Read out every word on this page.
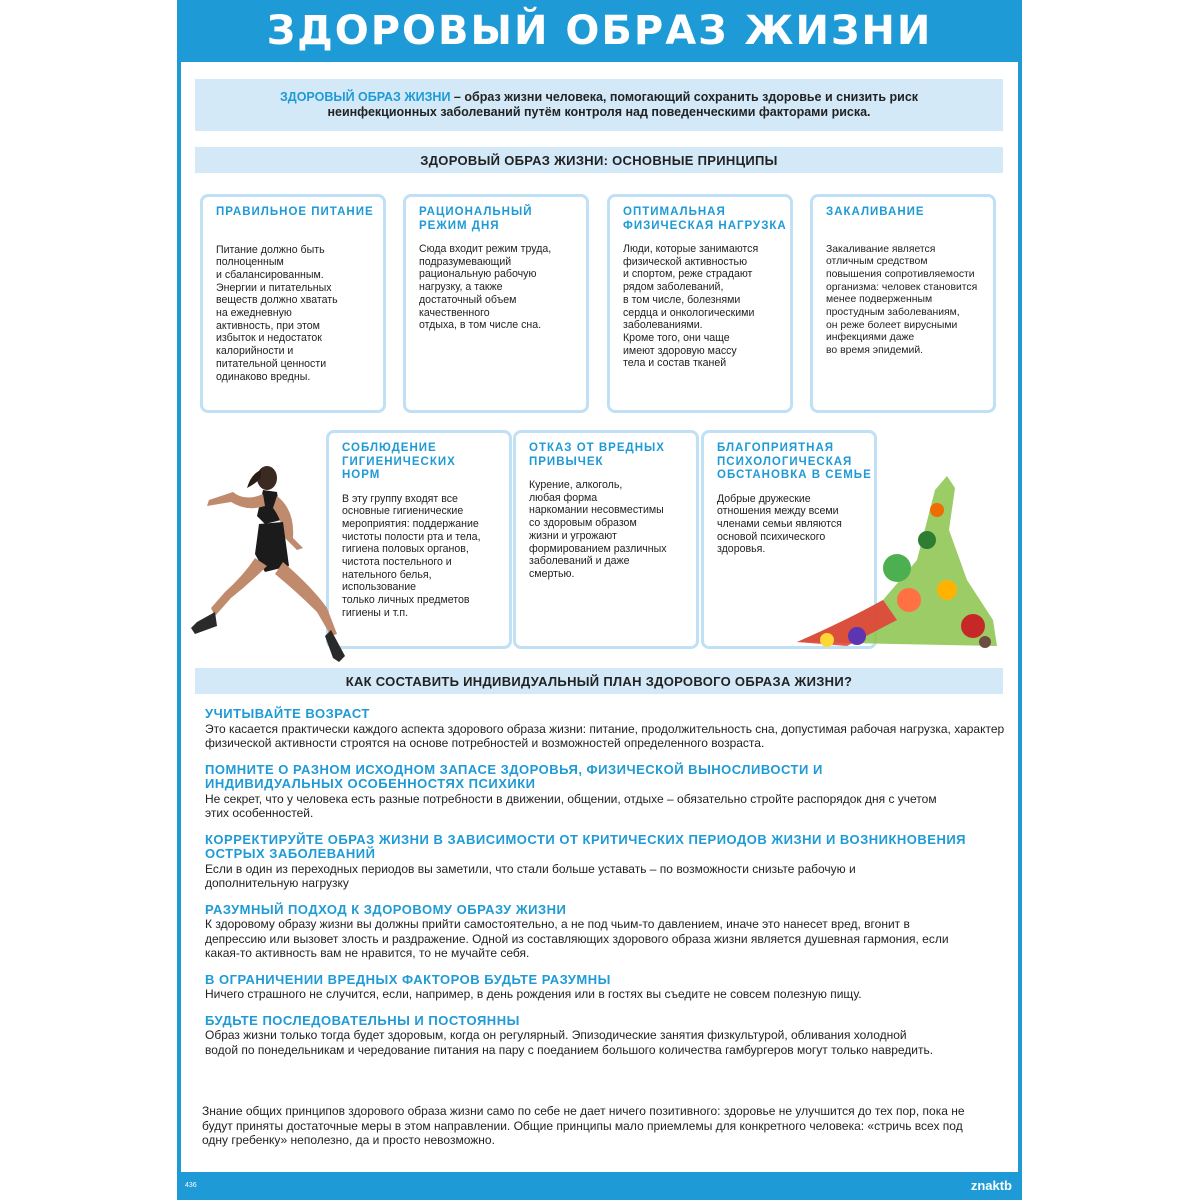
ЗДОРОВЫЙ ОБРАЗ ЖИЗНИ
ЗДОРОВЫЙ ОБРАЗ ЖИЗНИ – образ жизни человека, помогающий сохранить здоровье и снизить риск неинфекционных заболеваний путём контроля над поведенческими факторами риска.
ЗДОРОВЫЙ ОБРАЗ ЖИЗНИ: ОСНОВНЫЕ ПРИНЦИПЫ
ПРАВИЛЬНОЕ ПИТАНИЕ

Питание должно быть
полноценным
и сбалансированным.
Энергии и питательных
веществ должно хватать
на ежедневную
активность, при этом
избыток и недостаток
калорийности и
питательной ценности
одинаково вредны.

РАЦИОНАЛЬНЫЙ
РЕЖИМ ДНЯ

Сюда входит режим труда,
подразумевающий
рациональную рабочую
нагрузку, а также
достаточный объем
качественного
отдыха, в том числе сна.

ОПТИМАЛЬНАЯ
ФИЗИЧЕСКАЯ НАГРУЗКА

Люди, которые занимаются
физической активностью
и спортом, реже страдают
рядом заболеваний,
в том числе, болезнями
сердца и онкологическими
заболеваниями.
Кроме того, они чаще
имеют здоровую массу
тела и состав тканей

ЗАКАЛИВАНИЕ

Закаливание является
отличным средством
повышения сопротивляемости
организма: человек становится
менее подверженным
простудным заболеваниям,
он реже болеет вирусными
инфекциями даже
во время эпидемий.

СОБЛЮДЕНИЕ
ГИГИЕНИЧЕСКИХ
НОРМ

В эту группу входят все
основные гигиенические
мероприятия: поддержание
чистоты полости рта и тела,
гигиена половых органов,
чистота постельного и
нательного белья,
использование
только личных предметов
гигиены и т.п.

ОТКАЗ ОТ ВРЕДНЫХ
ПРИВЫЧЕК

Курение, алкоголь,
любая форма
наркомании несовместимы
со здоровым образом
жизни и угрожают
формированием различных
заболеваний и даже
смертью.

БЛАГОПРИЯТНАЯ
ПСИХОЛОГИЧЕСКАЯ
ОБСТАНОВКА В СЕМЬЕ

Добрые дружеские
отношения между всеми
членами семьи являются
основой психического
здоровья.

КАК СОСТАВИТЬ ИНДИВИДУАЛЬНЫЙ ПЛАН ЗДОРОВОГО ОБРАЗА ЖИЗНИ?
УЧИТЫВАЙТЕ ВОЗРАСТ

Это касается практически каждого аспекта здорового образа жизни: питание, продолжительность сна, допустимая рабочая нагрузка, характер физической активности строятся на основе потребностей и возможностей определенного возраста.

ПОМНИТЕ О РАЗНОМ ИСХОДНОМ ЗАПАСЕ ЗДОРОВЬЯ, ФИЗИЧЕСКОЙ ВЫНОСЛИВОСТИ И ИНДИВИДУАЛЬНЫХ ОСОБЕННОСТЯХ ПСИХИКИ

Не секрет, что у человека есть разные потребности в движении, общении, отдыхе – обязательно стройте распорядок дня с учетом этих особенностей.

КОРРЕКТИРУЙТЕ ОБРАЗ ЖИЗНИ В ЗАВИСИМОСТИ ОТ КРИТИЧЕСКИХ ПЕРИОДОВ ЖИЗНИ И ВОЗНИКНОВЕНИЯ ОСТРЫХ ЗАБОЛЕВАНИЙ

Если в один из переходных периодов вы заметили, что стали больше уставать – по возможности снизьте рабочую и дополнительную нагрузку

РАЗУМНЫЙ ПОДХОД К ЗДОРОВОМУ ОБРАЗУ ЖИЗНИ

К здоровому образу жизни вы должны прийти самостоятельно, а не под чьим-то давлением, иначе это нанесет вред, вгонит в депрессию или вызовет злость и раздражение. Одной из составляющих здорового образа жизни является душевная гармония, если какая-то активность вам не нравится, то не мучайте себя.

В ОГРАНИЧЕНИИ ВРЕДНЫХ ФАКТОРОВ БУДЬТЕ РАЗУМНЫ

Ничего страшного не случится, если, например, в день рождения или в гостях вы съедите не совсем полезную пищу.

БУДЬТЕ ПОСЛЕДОВАТЕЛЬНЫ И ПОСТОЯННЫ

Образ жизни только тогда будет здоровым, когда он регулярный. Эпизодические занятия физкультурой, обливания холодной водой по понедельникам и чередование питания на пару с поеданием большого количества гамбургеров могут только навредить.

Знание общих принципов здорового образа жизни само по себе не дает ничего позитивного: здоровье не улучшится до тех пор, пока не будут приняты достаточные меры в этом направлении. Общие принципы мало приемлемы для конкретного человека: «стричь всех под одну гребенку» неполезно, да и просто невозможно.
436	znaktb
